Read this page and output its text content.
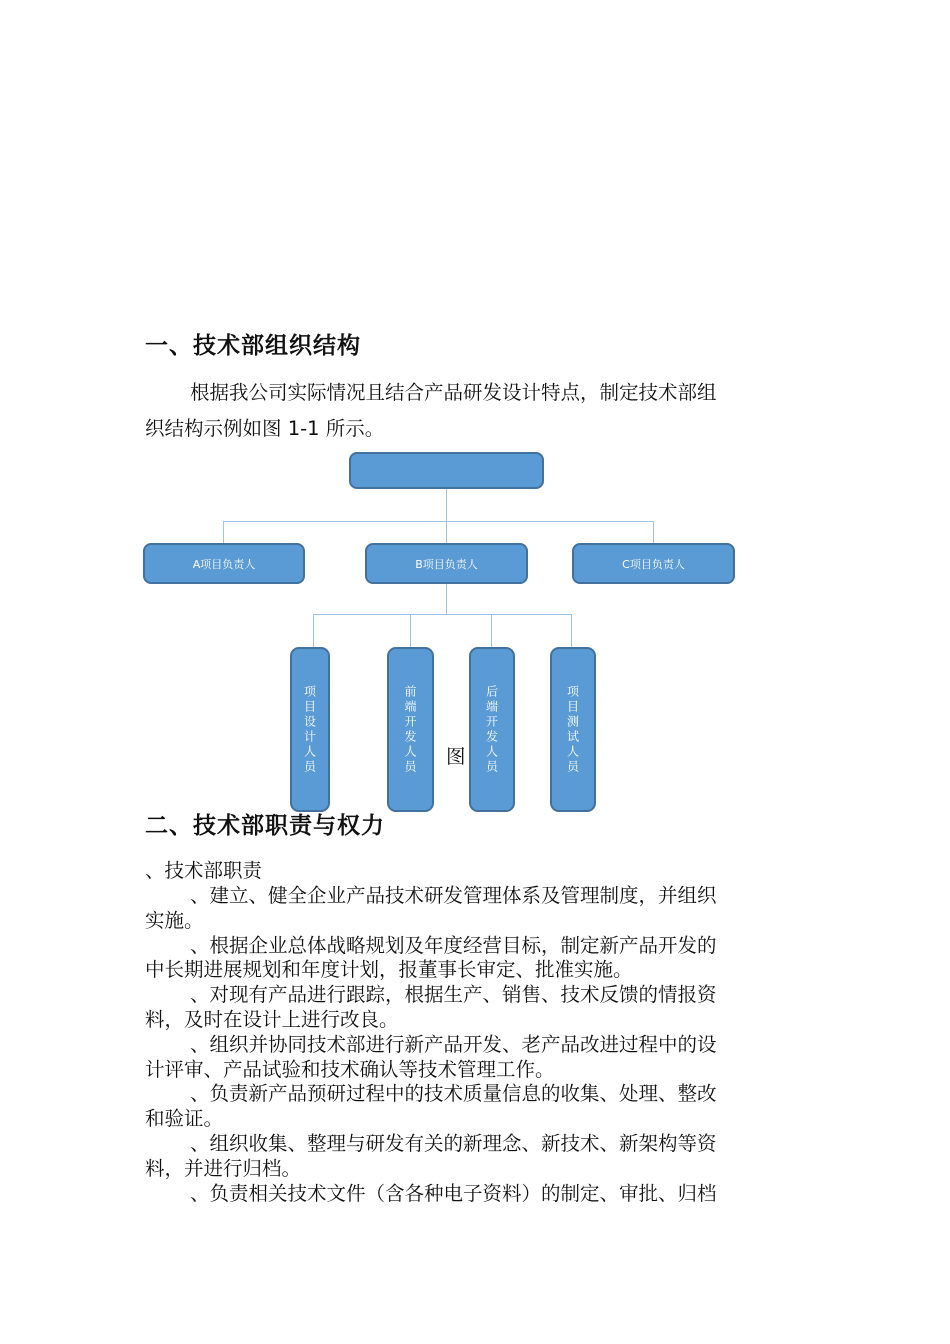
一、技术部组织结构
根据我公司实际情况且结合产品研发设计特点，制定技术部组
织结构示例如图 1-1 所示。
A项目负责人	B项目负责人	C项目负责人
项目设计人员	前端开发人员	后端开发人员	项目测试人员
图
二、技术部职责与权力
、技术部职责
、建立、健全企业产品技术研发管理体系及管理制度，并组织
实施。
、根据企业总体战略规划及年度经营目标，制定新产品开发的
中长期进展规划和年度计划，报董事长审定、批准实施。
、对现有产品进行跟踪，根据生产、销售、技术反馈的情报资
料，及时在设计上进行改良。
、组织并协同技术部进行新产品开发、老产品改进过程中的设
计评审、产品试验和技术确认等技术管理工作。
、负责新产品预研过程中的技术质量信息的收集、处理、整改
和验证。
、组织收集、整理与研发有关的新理念、新技术、新架构等资
料，并进行归档。
、负责相关技术文件（含各种电子资料）的制定、审批、归档
